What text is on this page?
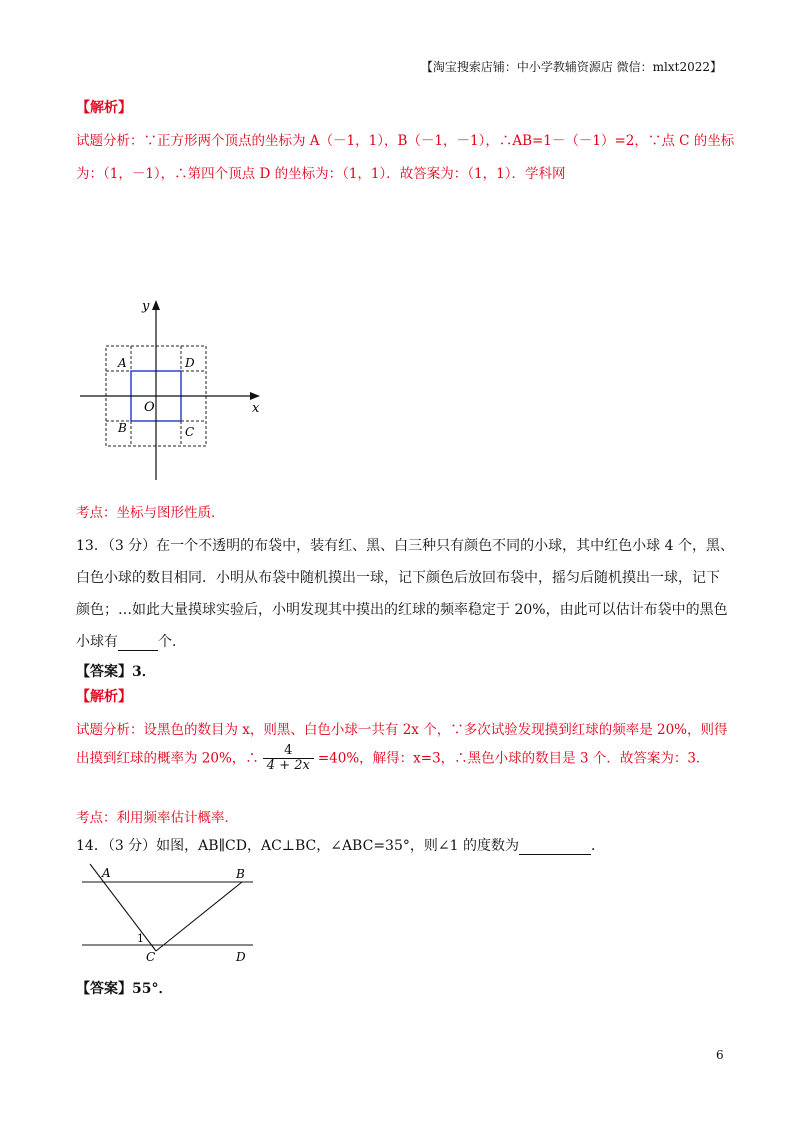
【淘宝搜索店铺：中小学教辅资源店 微信：mlxt2022】
【解析】
试题分析：∵正方形两个顶点的坐标为 A（－1，1），B（－1，－1），∴AB=1－（－1）=2，∵点 C 的坐标
为：（1，－1），∴第四个顶点 D 的坐标为：（1，1）．故答案为：（1，1）．学科网
y
x
O
A
B	C
D
考点：坐标与图形性质．
13．（3 分）在一个不透明的布袋中，装有红、黑、白三种只有颜色不同的小球，其中红色小球 4 个，黑、
白色小球的数目相同．小明从布袋中随机摸出一球，记下颜色后放回布袋中，摇匀后随机摸出一球，记下
颜色；…如此大量摸球实验后，小明发现其中摸出的红球的频率稳定于 20%，由此可以估计布袋中的黑色
小球有	个．
【答案】3．
【解析】
试题分析：设黑色的数目为 x，则黑、白色小球一共有 2x 个，∵多次试验发现摸到红球的频率是 20%，则得
出摸到红球的概率为 20%，∴ $\frac{4}{4 + 2x} =40\%$，解得：x=3，∴黑色小球的数目是 3 个．故答案为：3．
考点：利用频率估计概率．
14．（3 分）如图，AB∥CD，AC⊥BC，∠ABC=35°，则∠1 的度数为	．
A	B
C	D
1
【答案】55°．
6
